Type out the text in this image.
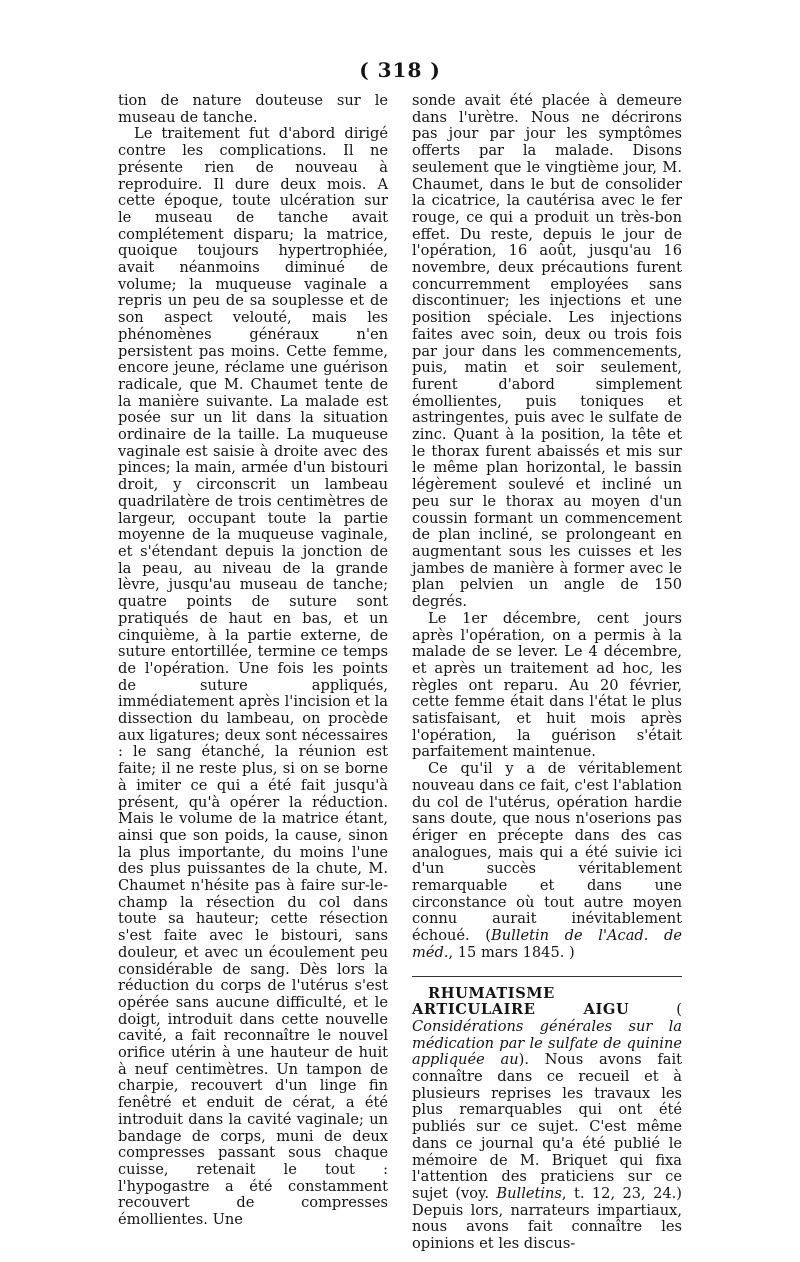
( 318 )

tion de nature douteuse sur le museau de tanche.

Le traitement fut d'abord dirigé contre les complications. Il ne présente rien de nouveau à reproduire. Il dure deux mois. A cette époque, toute ulcération sur le museau de tanche avait complétement disparu; la matrice, quoique toujours hypertrophiée, avait néanmoins diminué de volume; la muqueuse vaginale a repris un peu de sa souplesse et de son aspect velouté, mais les phénomènes généraux n'en persistent pas moins. Cette femme, encore jeune, réclame une guérison radicale, que M. Chaumet tente de la manière suivante. La malade est posée sur un lit dans la situation ordinaire de la taille. La muqueuse vaginale est saisie à droite avec des pinces; la main, armée d'un bistouri droit, y circonscrit un lambeau quadrilatère de trois centimètres de largeur, occupant toute la partie moyenne de la muqueuse vaginale, et s'étendant depuis la jonction de la peau, au niveau de la grande lèvre, jusqu'au museau de tanche; quatre points de suture sont pratiqués de haut en bas, et un cinquième, à la partie externe, de suture entortillée, termine ce temps de l'opération. Une fois les points de suture appliqués, immédiatement après l'incision et la dissection du lambeau, on procède aux ligatures; deux sont nécessaires : le sang étanché, la réunion est faite; il ne reste plus, si on se borne à imiter ce qui a été fait jusqu'à présent, qu'à opérer la réduction. Mais le volume de la matrice étant, ainsi que son poids, la cause, sinon la plus importante, du moins l'une des plus puissantes de la chute, M. Chaumet n'hésite pas à faire sur-le-champ la résection du col dans toute sa hauteur; cette résection s'est faite avec le bistouri, sans douleur, et avec un écoulement peu considérable de sang. Dès lors la réduction du corps de l'utérus s'est opérée sans aucune difficulté, et le doigt, introduit dans cette nouvelle cavité, a fait reconnaître le nouvel orifice utérin à une hauteur de huit à neuf centimètres. Un tampon de charpie, recouvert d'un linge fin fenêtré et enduit de cérat, a été introduit dans la cavité vaginale; un bandage de corps, muni de deux compresses passant sous chaque cuisse, retenait le tout : l'hypogastre a été constamment recouvert de compresses émollientes. Une

sonde avait été placée à demeure dans l'urètre. Nous ne décrirons pas jour par jour les symptômes offerts par la malade. Disons seulement que le vingtième jour, M. Chaumet, dans le but de consolider la cicatrice, la cautérisa avec le fer rouge, ce qui a produit un très-bon effet. Du reste, depuis le jour de l'opération, 16 août, jusqu'au 16 novembre, deux précautions furent concurremment employées sans discontinuer; les injections et une position spéciale. Les injections faites avec soin, deux ou trois fois par jour dans les commencements, puis, matin et soir seulement, furent d'abord simplement émollientes, puis toniques et astringentes, puis avec le sulfate de zinc. Quant à la position, la tête et le thorax furent abaissés et mis sur le même plan horizontal, le bassin légèrement soulevé et incliné un peu sur le thorax au moyen d'un coussin formant un commencement de plan incliné, se prolongeant en augmentant sous les cuisses et les jambes de manière à former avec le plan pelvien un angle de 150 degrés.

Le 1er décembre, cent jours après l'opération, on a permis à la malade de se lever. Le 4 décembre, et après un traitement ad hoc, les règles ont reparu. Au 20 février, cette femme était dans l'état le plus satisfaisant, et huit mois après l'opération, la guérison s'était parfaitement maintenue.

Ce qu'il y a de véritablement nouveau dans ce fait, c'est l'ablation du col de l'utérus, opération hardie sans doute, que nous n'oserions pas ériger en précepte dans des cas analogues, mais qui a été suivie ici d'un succès véritablement remarquable et dans une circonstance où tout autre moyen connu aurait inévitablement échoué. (Bulletin de l'Acad. de méd., 15 mars 1845. )

RHUMATISME ARTICULAIRE AIGU ( Considérations générales sur la médication par le sulfate de quinine appliquée au). Nous avons fait connaître dans ce recueil et à plusieurs reprises les travaux les plus remarquables qui ont été publiés sur ce sujet. C'est même dans ce journal qu'a été publié le mémoire de M. Briquet qui fixa l'attention des praticiens sur ce sujet (voy. Bulletins, t. 12, 23, 24.) Depuis lors, narrateurs impartiaux, nous avons fait connaître les opinions et les discus-
